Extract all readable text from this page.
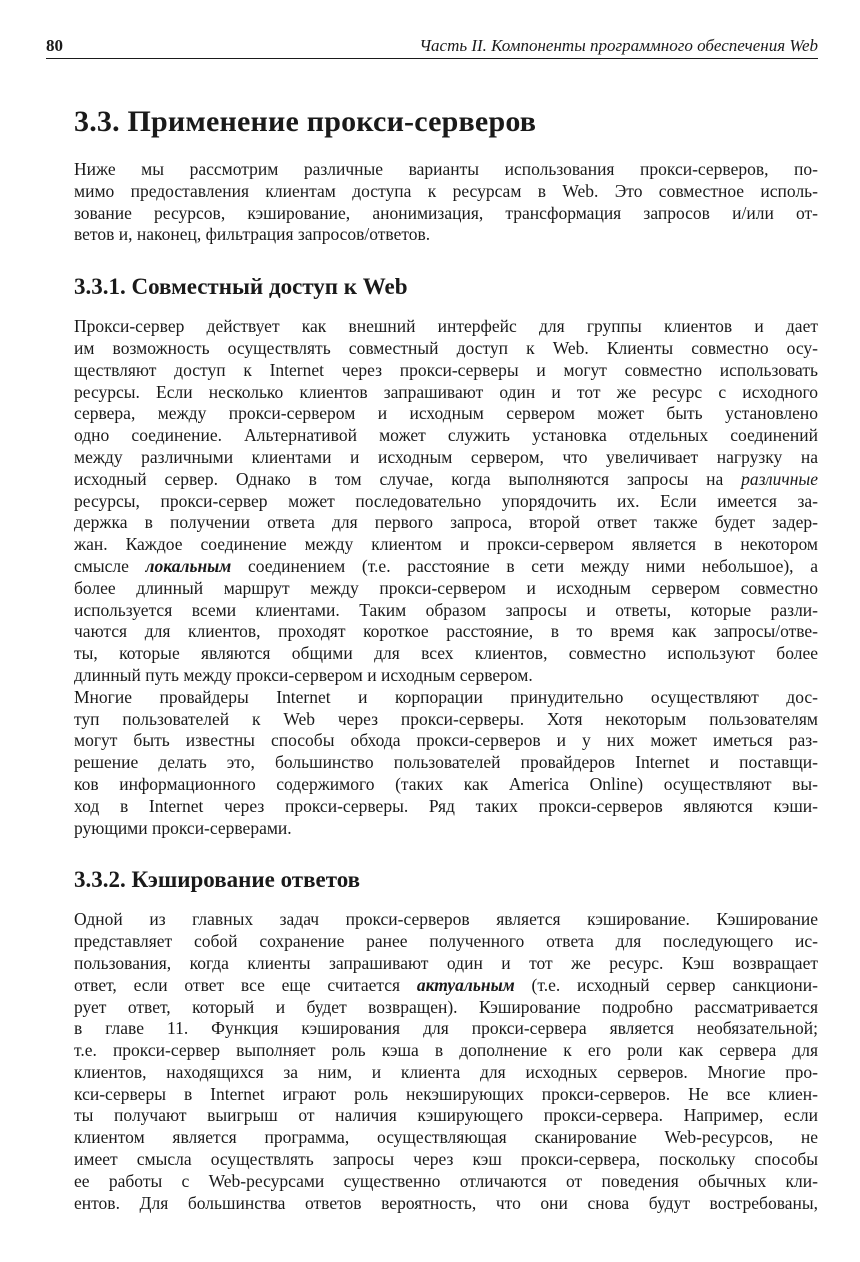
80	Часть II. Компоненты программного обеспечения Web
3.3. Применение прокси-серверов
Ниже мы рассмотрим различные варианты использования прокси-серверов, по-
мимо предоставления клиентам доступа к ресурсам в Web. Это совместное исполь-
зование ресурсов, кэширование, анонимизация, трансформация запросов и/или от-
ветов и, наконец, фильтрация запросов/ответов.
3.3.1. Совместный доступ к Web
Прокси-сервер действует как внешний интерфейс для группы клиентов и дает
им возможность осуществлять совместный доступ к Web. Клиенты совместно осу-
ществляют доступ к Internet через прокси-серверы и могут совместно использовать
ресурсы. Если несколько клиентов запрашивают один и тот же ресурс с исходного
сервера, между прокси-сервером и исходным сервером может быть установлено
одно соединение. Альтернативой может служить установка отдельных соединений
между различными клиентами и исходным сервером, что увеличивает нагрузку на
исходный сервер. Однако в том случае, когда выполняются запросы на различные
ресурсы, прокси-сервер может последовательно упорядочить их. Если имеется за-
держка в получении ответа для первого запроса, второй ответ также будет задер-
жан. Каждое соединение между клиентом и прокси-сервером является в некотором
смысле локальным соединением (т.е. расстояние в сети между ними небольшое), а
более длинный маршрут между прокси-сервером и исходным сервером совместно
используется всеми клиентами. Таким образом запросы и ответы, которые разли-
чаются для клиентов, проходят короткое расстояние, в то время как запросы/отве-
ты, которые являются общими для всех клиентов, совместно используют более
длинный путь между прокси-сервером и исходным сервером.
Многие провайдеры Internet и корпорации принудительно осуществляют дос-
туп пользователей к Web через прокси-серверы. Хотя некоторым пользователям
могут быть известны способы обхода прокси-серверов и у них может иметься раз-
решение делать это, большинство пользователей провайдеров Internet и поставщи-
ков информационного содержимого (таких как America Online) осуществляют вы-
ход в Internet через прокси-серверы. Ряд таких прокси-серверов являются кэши-
рующими прокси-серверами.
3.3.2. Кэширование ответов
Одной из главных задач прокси-серверов является кэширование. Кэширование
представляет собой сохранение ранее полученного ответа для последующего ис-
пользования, когда клиенты запрашивают один и тот же ресурс. Кэш возвращает
ответ, если ответ все еще считается актуальным (т.е. исходный сервер санкциони-
рует ответ, который и будет возвращен). Кэширование подробно рассматривается
в главе 11. Функция кэширования для прокси-сервера является необязательной;
т.е. прокси-сервер выполняет роль кэша в дополнение к его роли как сервера для
клиентов, находящихся за ним, и клиента для исходных серверов. Многие про-
кси-серверы в Internet играют роль некэширующих прокси-серверов. Не все клиен-
ты получают выигрыш от наличия кэширующего прокси-сервера. Например, если
клиентом является программа, осуществляющая сканирование Web-ресурсов, не
имеет смысла осуществлять запросы через кэш прокси-сервера, поскольку способы
ее работы с Web-ресурсами существенно отличаются от поведения обычных кли-
ентов. Для большинства ответов вероятность, что они снова будут востребованы,
